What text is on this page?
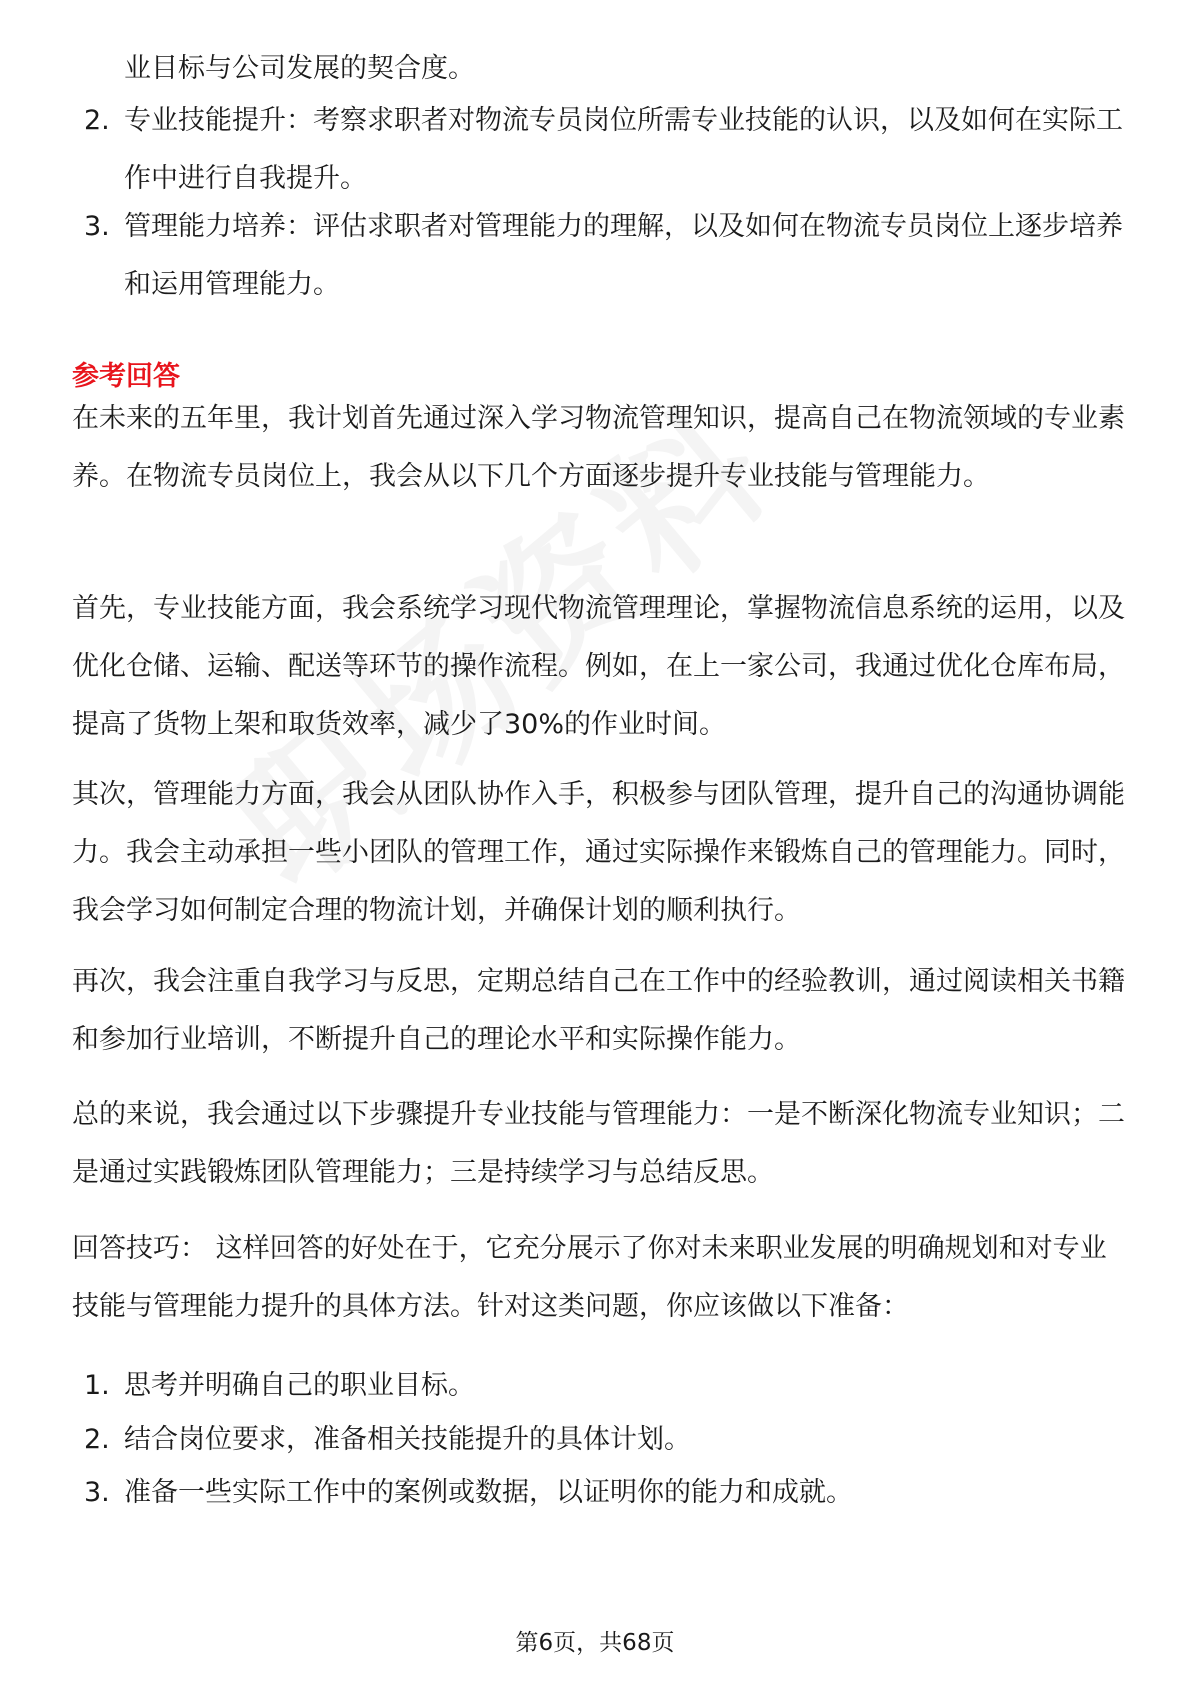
业目标与公司发展的契合度。

2. 专业技能提升：考察求职者对物流专员岗位所需专业技能的认识，以及如何在实际工作中进行自我提升。
3. 管理能力培养：评估求职者对管理能力的理解，以及如何在物流专员岗位上逐步培养和运用管理能力。
参考回答

在未来的五年里，我计划首先通过深入学习物流管理知识，提高自己在物流领域的专业素养。在物流专员岗位上，我会从以下几个方面逐步提升专业技能与管理能力。

首先，专业技能方面，我会系统学习现代物流管理理论，掌握物流信息系统的运用，以及优化仓储、运输、配送等环节的操作流程。例如，在上一家公司，我通过优化仓库布局，提高了货物上架和取货效率，减少了30%的作业时间。

其次，管理能力方面，我会从团队协作入手，积极参与团队管理，提升自己的沟通协调能力。我会主动承担一些小团队的管理工作，通过实际操作来锻炼自己的管理能力。同时，我会学习如何制定合理的物流计划，并确保计划的顺利执行。

再次，我会注重自我学习与反思，定期总结自己在工作中的经验教训，通过阅读相关书籍和参加行业培训，不断提升自己的理论水平和实际操作能力。

总的来说，我会通过以下步骤提升专业技能与管理能力：一是不断深化物流专业知识；二是通过实践锻炼团队管理能力；三是持续学习与总结反思。

回答技巧： 这样回答的好处在于，它充分展示了你对未来职业发展的明确规划和对专业技能与管理能力提升的具体方法。针对这类问题，你应该做以下准备：

1. 思考并明确自己的职业目标。
2. 结合岗位要求，准备相关技能提升的具体计划。
3. 准备一些实际工作中的案例或数据，以证明你的能力和成就。
第6页，共68页
